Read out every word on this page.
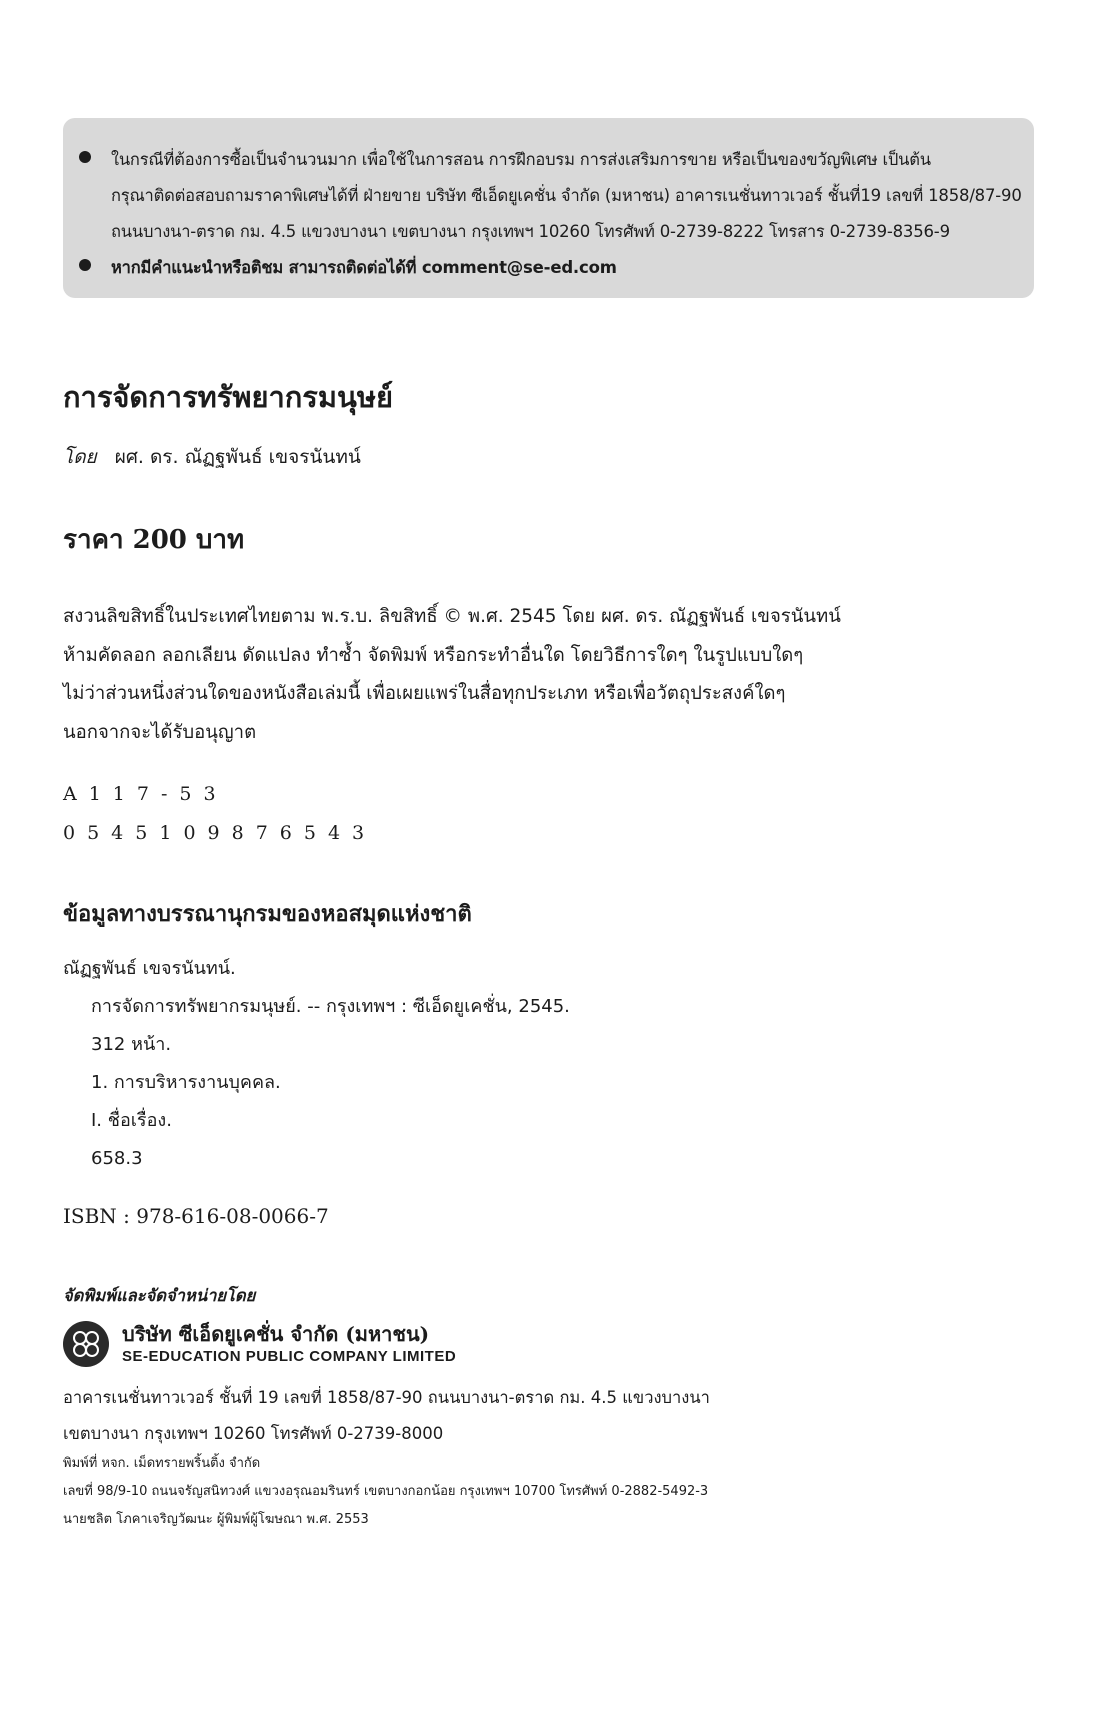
ในกรณีที่ต้องการซื้อเป็นจำนวนมาก เพื่อใช้ในการสอน การฝึกอบรม การส่งเสริมการขาย หรือเป็นของขวัญพิเศษ เป็นต้น
กรุณาติดต่อสอบถามราคาพิเศษได้ที่ ฝ่ายขาย บริษัท ซีเอ็ดยูเคชั่น จำกัด (มหาชน) อาคารเนชั่นทาวเวอร์ ชั้นที่19 เลขที่ 1858/87-90
ถนนบางนา-ตราด กม. 4.5 แขวงบางนา เขตบางนา กรุงเทพฯ 10260 โทรศัพท์ 0-2739-8222 โทรสาร 0-2739-8356-9
หากมีคำแนะนำหรือติชม สามารถติดต่อได้ที่ comment@se-ed.com
การจัดการทรัพยากรมนุษย์
โดย ผศ. ดร. ณัฏฐพันธ์ เขจรนันทน์
ราคา 200 บาท
สงวนลิขสิทธิ์ในประเทศไทยตาม พ.ร.บ. ลิขสิทธิ์ © พ.ศ. 2545 โดย ผศ. ดร. ณัฏฐพันธ์ เขจรนันทน์
ห้ามคัดลอก ลอกเลียน ดัดแปลง ทำซ้ำ จัดพิมพ์ หรือกระทำอื่นใด โดยวิธีการใดๆ ในรูปแบบใดๆ
ไม่ว่าส่วนหนึ่งส่วนใดของหนังสือเล่มนี้ เพื่อเผยแพร่ในสื่อทุกประเภท หรือเพื่อวัตถุประสงค์ใดๆ
นอกจากจะได้รับอนุญาต
A117-53
0545109876543
ข้อมูลทางบรรณานุกรมของหอสมุดแห่งชาติ
ณัฏฐพันธ์ เขจรนันทน์.
การจัดการทรัพยากรมนุษย์. -- กรุงเทพฯ : ซีเอ็ดยูเคชั่น, 2545.
312 หน้า.
1. การบริหารงานบุคคล.
I. ชื่อเรื่อง.
658.3
ISBN : 978-616-08-0066-7
จัดพิมพ์และจัดจำหน่ายโดย
บริษัท ซีเอ็ดยูเคชั่น จำกัด (มหาชน)
SE-EDUCATION PUBLIC COMPANY LIMITED
อาคารเนชั่นทาวเวอร์ ชั้นที่ 19 เลขที่ 1858/87-90 ถนนบางนา-ตราด กม. 4.5 แขวงบางนา
เขตบางนา กรุงเทพฯ 10260 โทรศัพท์ 0-2739-8000
พิมพ์ที่ หจก. เม็ดทรายพริ้นติ้ง จำกัด
เลขที่ 98/9-10 ถนนจรัญสนิทวงศ์ แขวงอรุณอมรินทร์ เขตบางกอกน้อย กรุงเทพฯ 10700 โทรศัพท์ 0-2882-5492-3
นายชลิต โภคาเจริญวัฒนะ ผู้พิมพ์ผู้โฆษณา พ.ศ. 2553
